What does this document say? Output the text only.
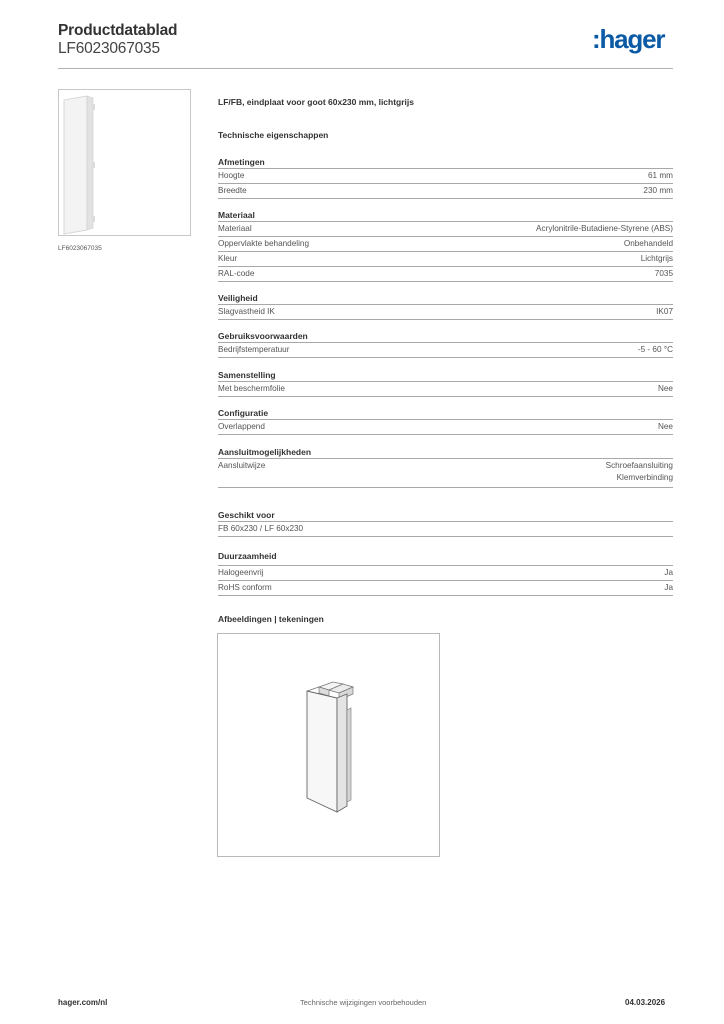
Productdatablad
LF6023067035	:hager
LF6023067035
LF/FB, eindplaat voor goot 60x230 mm, lichtgrijs
Technische eigenschappen
Afmetingen
Hoogte	61 mm
Breedte	230 mm
Materiaal
Materiaal	Acrylonitrile-Butadiene-Styrene (ABS)
Oppervlakte behandeling	Onbehandeld
Kleur	Lichtgrijs
RAL-code	7035
Veiligheid
Slagvastheid IK	IK07
Gebruiksvoorwaarden
Bedrijfstemperatuur	-5 - 60 °C
Samenstelling
Met beschermfolie	Nee
Configuratie
Overlappend	Nee
Aansluitmogelijkheden
Aansluitwijze	Schroefaansluiting
Klemverbinding
Geschikt voor
FB 60x230 / LF 60x230
Duurzaamheid
Halogeenvrij	Ja
RoHS conform	Ja
Afbeeldingen | tekeningen
hager.com/nl	Technische wijzigingen voorbehouden	04.03.2026
